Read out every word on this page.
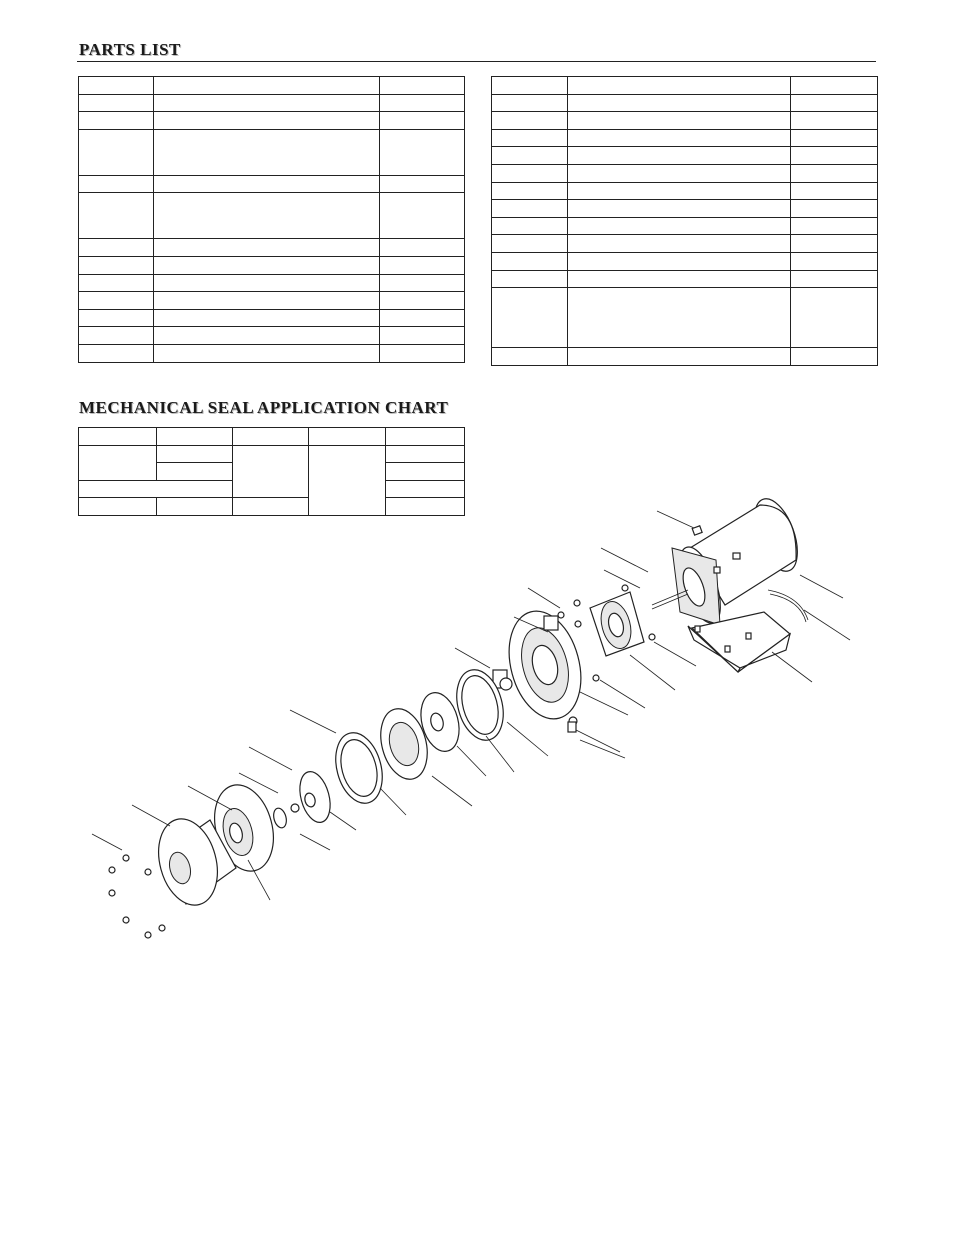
PARTS LIST

MECHANICAL SEAL APPLICATION CHART
